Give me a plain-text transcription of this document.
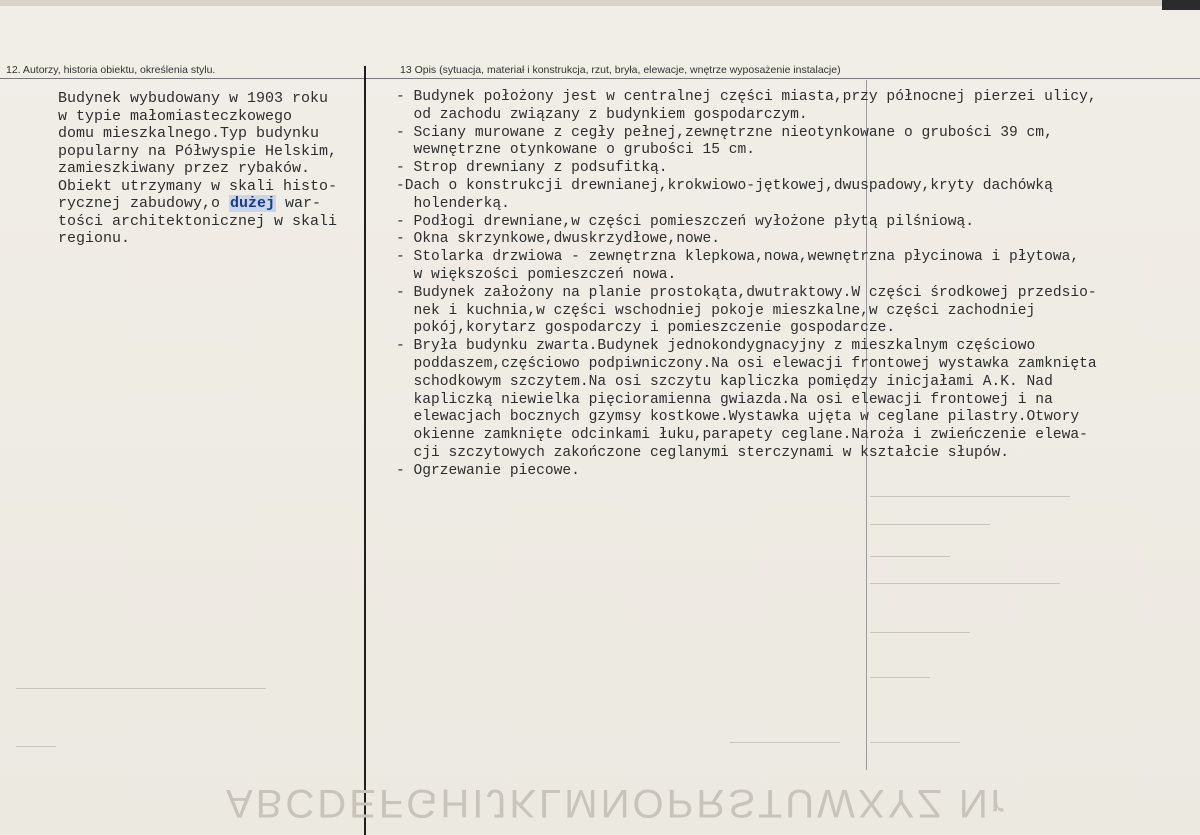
12. Autorzy, historia obiektu, określenia stylu.	13 Opis (sytuacja, materiał i konstrukcja, rzut, bryła, elewacje, wnętrze wyposażenie instalacje)
Budynek wybudowany w 1903 roku
w typie małomiasteczkowego
domu mieszkalnego.Typ budynku
popularny na Półwyspie Helskim,
zamieszkiwany przez rybaków.
Obiekt utrzymany w skali histo-
rycznej zabudowy,o dużej war-
tości architektonicznej w skali
regionu.
- Budynek położony jest w centralnej części miasta,przy północnej pierzei ulicy,
od zachodu związany z budynkiem gospodarczym.
- Sciany murowane z cegły pełnej,zewnętrzne nieotynkowane o grubości 39 cm,
wewnętrzne otynkowane o grubości 15 cm.
- Strop drewniany z podsufitką.
-Dach o konstrukcji drewnianej,krokwiowo-jętkowej,dwuspadowy,kryty dachówką
holenderką.
- Podłogi drewniane,w części pomieszczeń wyłożone płytą pilśniową.
- Okna skrzynkowe,dwuskrzydłowe,nowe.
- Stolarka drzwiowa - zewnętrzna klepkowa,nowa,wewnętrzna płycinowa i płytowa,
w większości pomieszczeń nowa.
- Budynek założony na planie prostokąta,dwutraktowy.W części środkowej przedsio-
nek i kuchnia,w części wschodniej pokoje mieszkalne,w części zachodniej
pokój,korytarz gospodarczy i pomieszczenie gospodarcze.
- Bryła budynku zwarta.Budynek jednokondygnacyjny z mieszkalnym częściowo
poddaszem,częściowo podpiwniczony.Na osi elewacji frontowej wystawka zamknięta
schodkowym szczytem.Na osi szczytu kapliczka pomiędzy inicjałami A.K. Nad
kapliczką niewielka pięcioramienna gwiazda.Na osi elewacji frontowej i na
elewacjach bocznych gzymsy kostkowe.Wystawka ujęta w ceglane pilastry.Otwory
okienne zamknięte odcinkami łuku,parapety ceglane.Naroża i zwieńczenie elewa-
cji szczytowych zakończone ceglanymi sterczynami w kształcie słupów.
- Ogrzewanie piecowe.
ABCDEFGHIJKLMNOPRSTUWXYZ Nr
